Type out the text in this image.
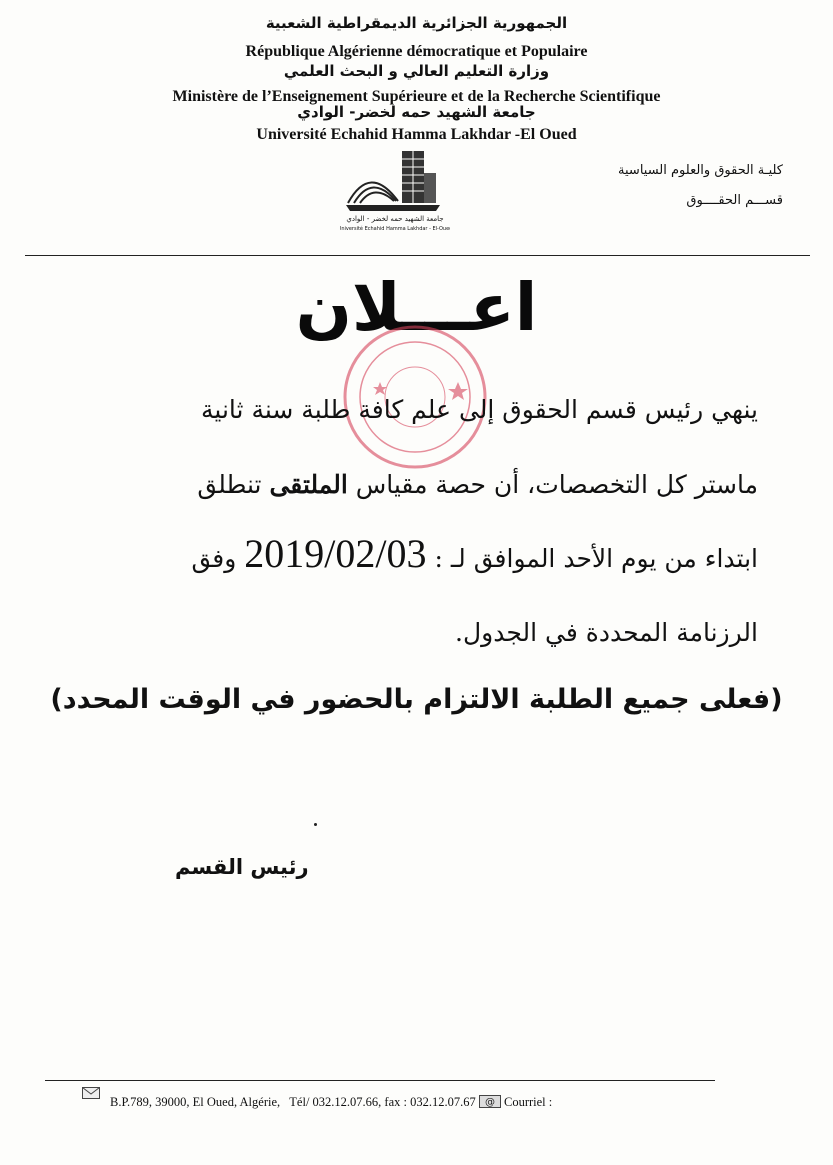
الجمهورية الجزائرية الديمقراطية الشعبية
République Algérienne démocratique et Populaire
وزارة التعليم العالي و البحث العلمي
Ministère de l’Enseignement Supérieure et de la Recherche Scientifique
جامعة الشهيد حمه لخضر- الوادي
Université Echahid Hamma Lakhdar -El Oued
كليـة الحقوق والعلوم السياسية
قســـم الحقــــوق
جامعة الشهيد حمه لخضر - الوادي
Université Echahid Hamma Lakhdar - El-Oued
اعـــلان
ينهي رئيس قسم الحقوق إلى علم كافة طلبة سنة ثانية
ماستر كل التخصصات، أن حصة مقياس الملتقى تنطلق
ابتداء من يوم الأحد الموافق لـ : 2019/02/03 وفق
الرزنامة المحددة في الجدول.
(فعلى جميع الطلبة الالتزام بالحضور في الوقت المحدد)
رئيس القسم
B.P.789, 39000, El Oued, Algérie, Tél/ 032.12.07.66, fax : 032.12.07.67 @ Courriel :
